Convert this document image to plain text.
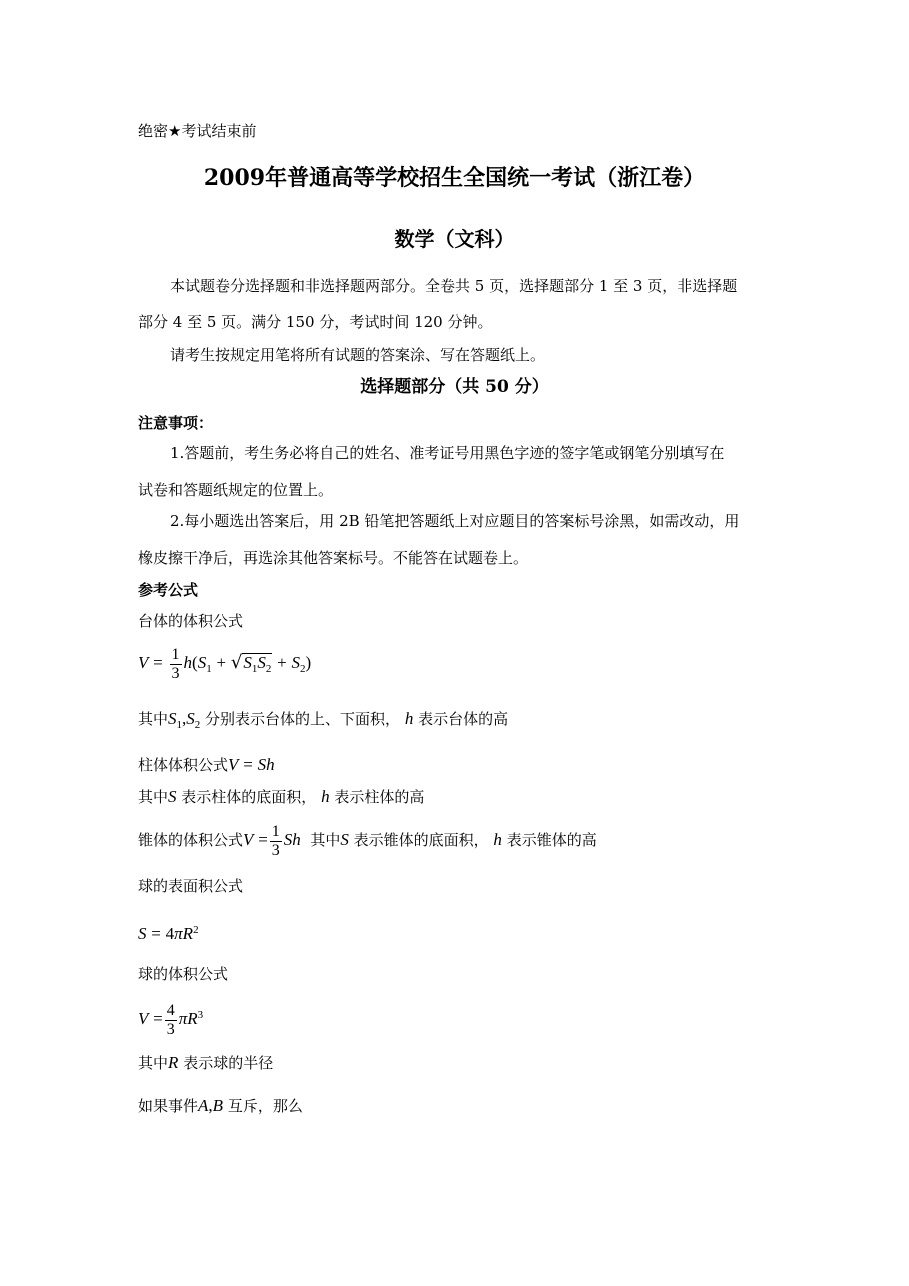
绝密★考试结束前
2009年普通高等学校招生全国统一考试（浙江卷）
数学（文科）
本试题卷分选择题和非选择题两部分。全卷共 5 页，选择题部分 1 至 3 页，非选择题
部分 4 至 5 页。满分 150 分，考试时间 120 分钟。
请考生按规定用笔将所有试题的答案涂、写在答题纸上。
选择题部分（共 50 分）
注意事项：
1.答题前，考生务必将自己的姓名、准考证号用黑色字迹的签字笔或钢笔分别填写在
试卷和答题纸规定的位置上。
2.每小题选出答案后，用 2B 铅笔把答题纸上对应题目的答案标号涂黑，如需改动，用
橡皮擦干净后，再选涂其他答案标号。不能答在试题卷上。
参考公式
台体的体积公式
$V = \frac{1}{3} h(S_1 + √S_1S_2 + S_2)$
其中$S_1,S_2$ 分别表示台体的上、下面积， h 表示台体的高
柱体体积公式V = Sh
其中S 表示柱体的底面积， h 表示柱体的高
锥体的体积公式$V = \frac{1}{3}$ Sh 其中S 表示锥体的底面积， h 表示锥体的高
球的表面积公式
$S = 4\pi R^2$
球的体积公式
$V = \frac{4}{3} \pi R^3$
其中R 表示球的半径
如果事件A,B 互斥，那么
